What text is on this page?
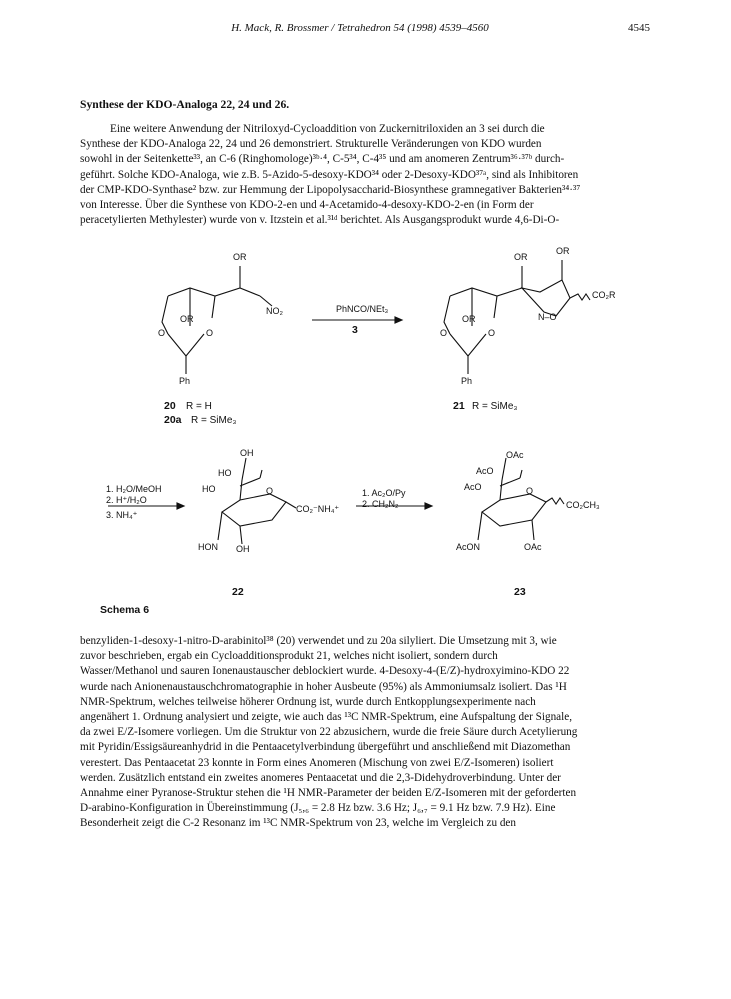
H. Mack, R. Brossmer / Tetrahedron 54 (1998) 4539–4560	4545
Synthese der KDO-Analoga 22, 24 und 26.
Eine weitere Anwendung der Nitriloxyd-Cycloaddition von Zuckernitriloxiden an 3 sei durch die
Synthese der KDO-Analoga 22, 24 und 26 demonstriert. Strukturelle Veränderungen von KDO wurden
sowohl in der Seitenkette³³, an C-6 (Ringhomologe)³ᵇ·⁴, C-5³⁴, C-4³⁵ und am anomeren Zentrum³⁶·³⁷ᵇ durch-
geführt. Solche KDO-Analoga, wie z.B. 5-Azido-5-desoxy-KDO³⁴ oder 2-Desoxy-KDO³⁷ᵃ, sind als Inhibitoren
der CMP-KDO-Synthase² bzw. zur Hemmung der Lipopolysaccharid-Biosynthese gramnegativer Bakterien³⁴·³⁷
von Interesse. Über die Synthese von KDO-2-en und 4-Acetamido-4-desoxy-KDO-2-en (in Form der
peracetylierten Methylester) wurde von v. Itzstein et al.³¹ᵈ berichtet. Als Ausgangsprodukt wurde 4,6-Di-O-
OR
OR
O	O
NO₂
Ph
PhNCO/NEt₃
3
OR
OR
OR
CO₂R
N–O
O	O
Ph
20 R = H
20a R = SiMe₃
21 R = SiMe₃
1. H₂O/MeOH
2. H⁺/H₂O
3. NH₄⁺
OH
HO
HO	O
CO₂⁻NH₄⁺
HON OH
1. Ac₂O/Py
2. CH₂N₂
OAc
AcO
AcO	O
CO₂CH₃
AcON	OAc
22	23
Schema 6
benzyliden-1-desoxy-1-nitro-D-arabinitol³⁸ (20) verwendet und zu 20a silyliert. Die Umsetzung mit 3, wie
zuvor beschrieben, ergab ein Cycloadditionsprodukt 21, welches nicht isoliert, sondern durch
Wasser/Methanol und sauren Ionenaustauscher deblockiert wurde. 4-Desoxy-4-(E/Z)-hydroxyimino-KDO 22
wurde nach Anionenaustauschchromatographie in hoher Ausbeute (95%) als Ammoniumsalz isoliert. Das ¹H
NMR-Spektrum, welches teilweise höherer Ordnung ist, wurde durch Entkopplungsexperimente nach
angenähert 1. Ordnung analysiert und zeigte, wie auch das ¹³C NMR-Spektrum, eine Aufspaltung der Signale,
da zwei E/Z-Isomere vorliegen. Um die Struktur von 22 abzusichern, wurde die freie Säure durch Acetylierung
mit Pyridin/Essigsäureanhydrid in die Pentaacetylverbindung übergeführt und anschließend mit Diazomethan
verestert. Das Pentaacetat 23 konnte in Form eines Anomeren (Mischung von zwei E/Z-Isomeren) isoliert
werden. Zusätzlich entstand ein zweites anomeres Pentaacetat und die 2,3-Didehydroverbindung. Unter der
Annahme einer Pyranose-Struktur stehen die ¹H NMR-Parameter der beiden E/Z-Isomeren mit der geforderten
D-arabino-Konfiguration in Übereinstimmung (J₅,₆ = 2.8 Hz bzw. 3.6 Hz; J₆,₇ = 9.1 Hz bzw. 7.9 Hz). Eine
Besonderheit zeigt die C-2 Resonanz im ¹³C NMR-Spektrum von 23, welche im Vergleich zu den
